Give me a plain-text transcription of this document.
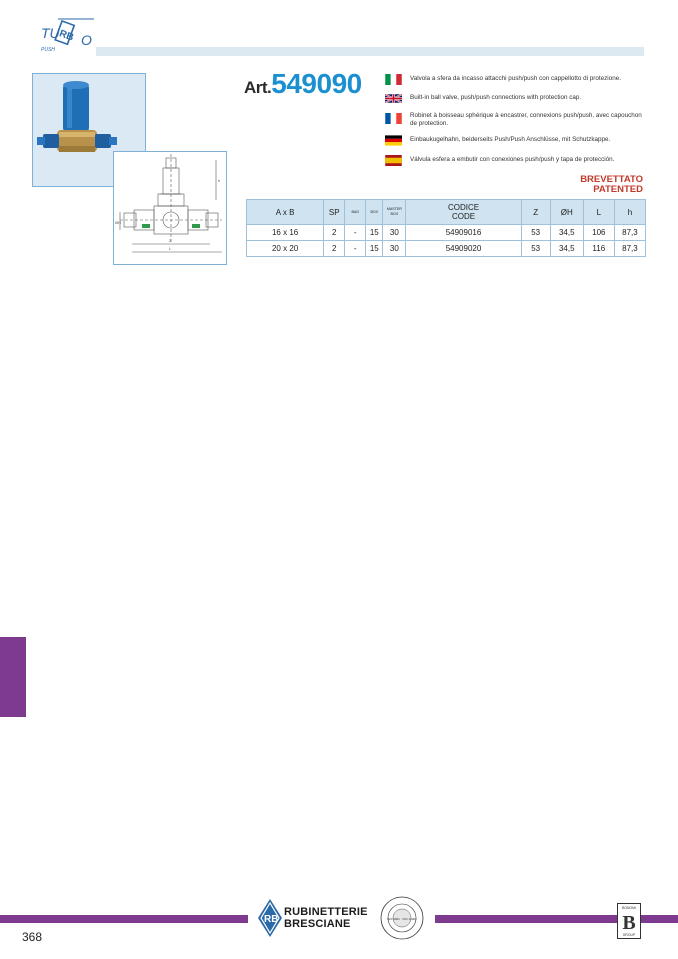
TU
RB O
PUSH
h
Z
L
ØH
Art.549090	Valvola a sfera da incasso attacchi push/push con cappellotto di protezione.
Built-in ball valve, push/push connections with protection cap.
Robinet à boisseau sphérique à encastrer, connexions push/push, avec capouchon de protection.
Einbaukugelhahn, beiderseits Push/Push Anschlüsse, mit Schutzkappe.
Válvula esfera a embutir con conexiones push/push y tapa de protección.
BREVETTATO
PATENTED
A x B	SP	BAG	BOX	MASTER
BOX	CODICE
CODE	Z	ØH	L	h
16 x 16	2	-	15	30	54909016	53	34,5	106	87,3
20 x 20	2	-	15	30	54909020	53	34,5	116	87,3
RB
RUBINETTERIE
BRESCIANE	ISO 9001 · ISO 14001
BONOMI
B
GROUP
368
